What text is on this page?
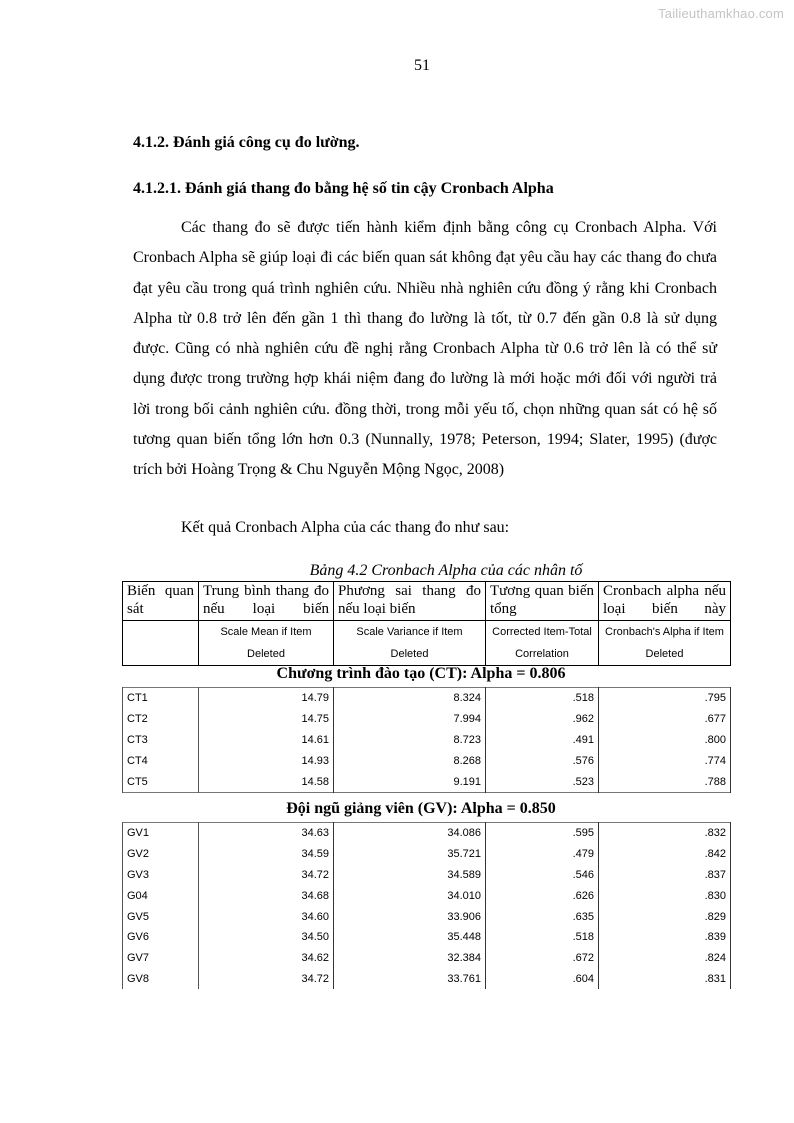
Tailieuthamkhao.com
51
4.1.2. Đánh giá công cụ đo lường.
4.1.2.1. Đánh giá thang đo bằng hệ số tin cậy Cronbach Alpha

Các thang đo sẽ được tiến hành kiểm định bằng công cụ Cronbach Alpha. Với Cronbach Alpha sẽ giúp loại đi các biến quan sát không đạt yêu cầu hay các thang đo chưa đạt yêu cầu trong quá trình nghiên cứu. Nhiều nhà nghiên cứu đồng ý rằng khi Cronbach Alpha từ 0.8 trở lên đến gần 1 thì thang đo lường là tốt, từ 0.7 đến gần 0.8 là sử dụng được. Cũng có nhà nghiên cứu đề nghị rằng Cronbach Alpha từ 0.6 trở lên là có thể sử dụng được trong trường hợp khái niệm đang đo lường là mới hoặc mới đối với người trả lời trong bối cảnh nghiên cứu. đồng thời, trong mỗi yếu tố, chọn những quan sát có hệ số tương quan biến tổng lớn hơn 0.3 (Nunnally, 1978; Peterson, 1994; Slater, 1995) (được trích bởi Hoàng Trọng & Chu Nguyễn Mộng Ngọc, 2008)

Kết quả Cronbach Alpha của các thang đo như sau:
Bảng 4.2 Cronbach Alpha của các nhân tố
Biến quan sát	Trung bình thang đo nếu loại biến	Phương sai thang đo nếu loại biến	Tương quan biến tổng	Cronbach alpha nếu loại biến này
	Scale Mean if Item Deleted	Scale Variance if Item Deleted	Corrected Item-Total Correlation	Cronbach's Alpha if Item Deleted
Chương trình đào tạo (CT): Alpha = 0.806
CT1	14.79	8.324	.518	.795
CT2	14.75	7.994	.962	.677
CT3	14.61	8.723	.491	.800
CT4	14.93	8.268	.576	.774
CT5	14.58	9.191	.523	.788
Đội ngũ giảng viên (GV): Alpha = 0.850
GV1	34.63	34.086	.595	.832
GV2	34.59	35.721	.479	.842
GV3	34.72	34.589	.546	.837
G04	34.68	34.010	.626	.830
GV5	34.60	33.906	.635	.829
GV6	34.50	35.448	.518	.839
GV7	34.62	32.384	.672	.824
GV8	34.72	33.761	.604	.831
